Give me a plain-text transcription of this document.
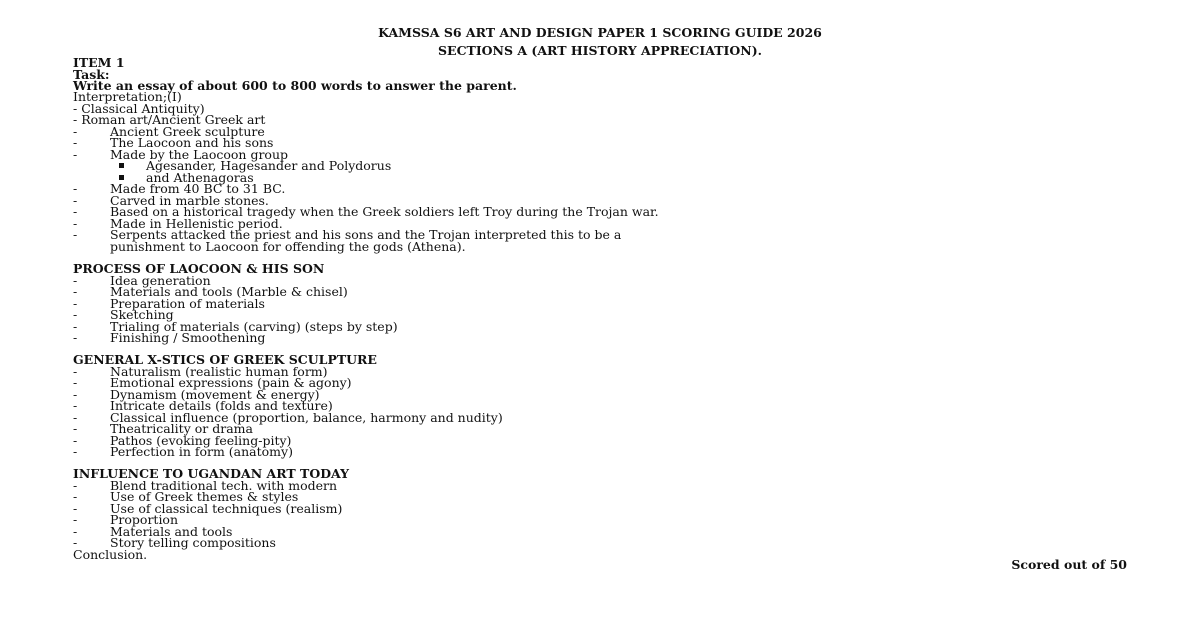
KAMSSA S6 ART AND DESIGN PAPER 1 SCORING GUIDE 2026
SECTIONS A (ART HISTORY APPRECIATION).
ITEM 1
Task:
Write an essay of about 600 to 800 words to answer the parent.
Interpretation;(I)
- Classical Antiquity)
- Roman art/Ancient Greek art
-	Ancient Greek sculpture
-	The Laocoon and his sons
-	Made by the Laocoon group
Agesander, Hagesander and Polydorus
and Athenagoras
-	Made from 40 BC to 31 BC.
-	Carved in marble stones.
-	Based on a historical tragedy when the Greek soldiers left Troy during the Trojan war.
-	Made in Hellenistic period.
-	Serpents attacked the priest and his sons and the Trojan interpreted this to be a
punishment to Laocoon for offending the gods (Athena).
PROCESS OF LAOCOON & HIS SON
-	Idea generation
-	Materials and tools (Marble & chisel)
-	Preparation of materials
-	Sketching
-	Trialing of materials (carving) (steps by step)
-	Finishing / Smoothening
GENERAL X-STICS OF GREEK SCULPTURE
-	Naturalism (realistic human form)
-	Emotional expressions (pain & agony)
-	Dynamism (movement & energy)
-	Intricate details (folds and texture)
-	Classical influence (proportion, balance, harmony and nudity)
-	Theatricality or drama
-	Pathos (evoking feeling-pity)
-	Perfection in form (anatomy)
INFLUENCE TO UGANDAN ART TODAY
-	Blend traditional tech. with modern
-	Use of Greek themes & styles
-	Use of classical techniques (realism)
-	Proportion
-	Materials and tools
-	Story telling compositions
Conclusion.
Scored out of 50
